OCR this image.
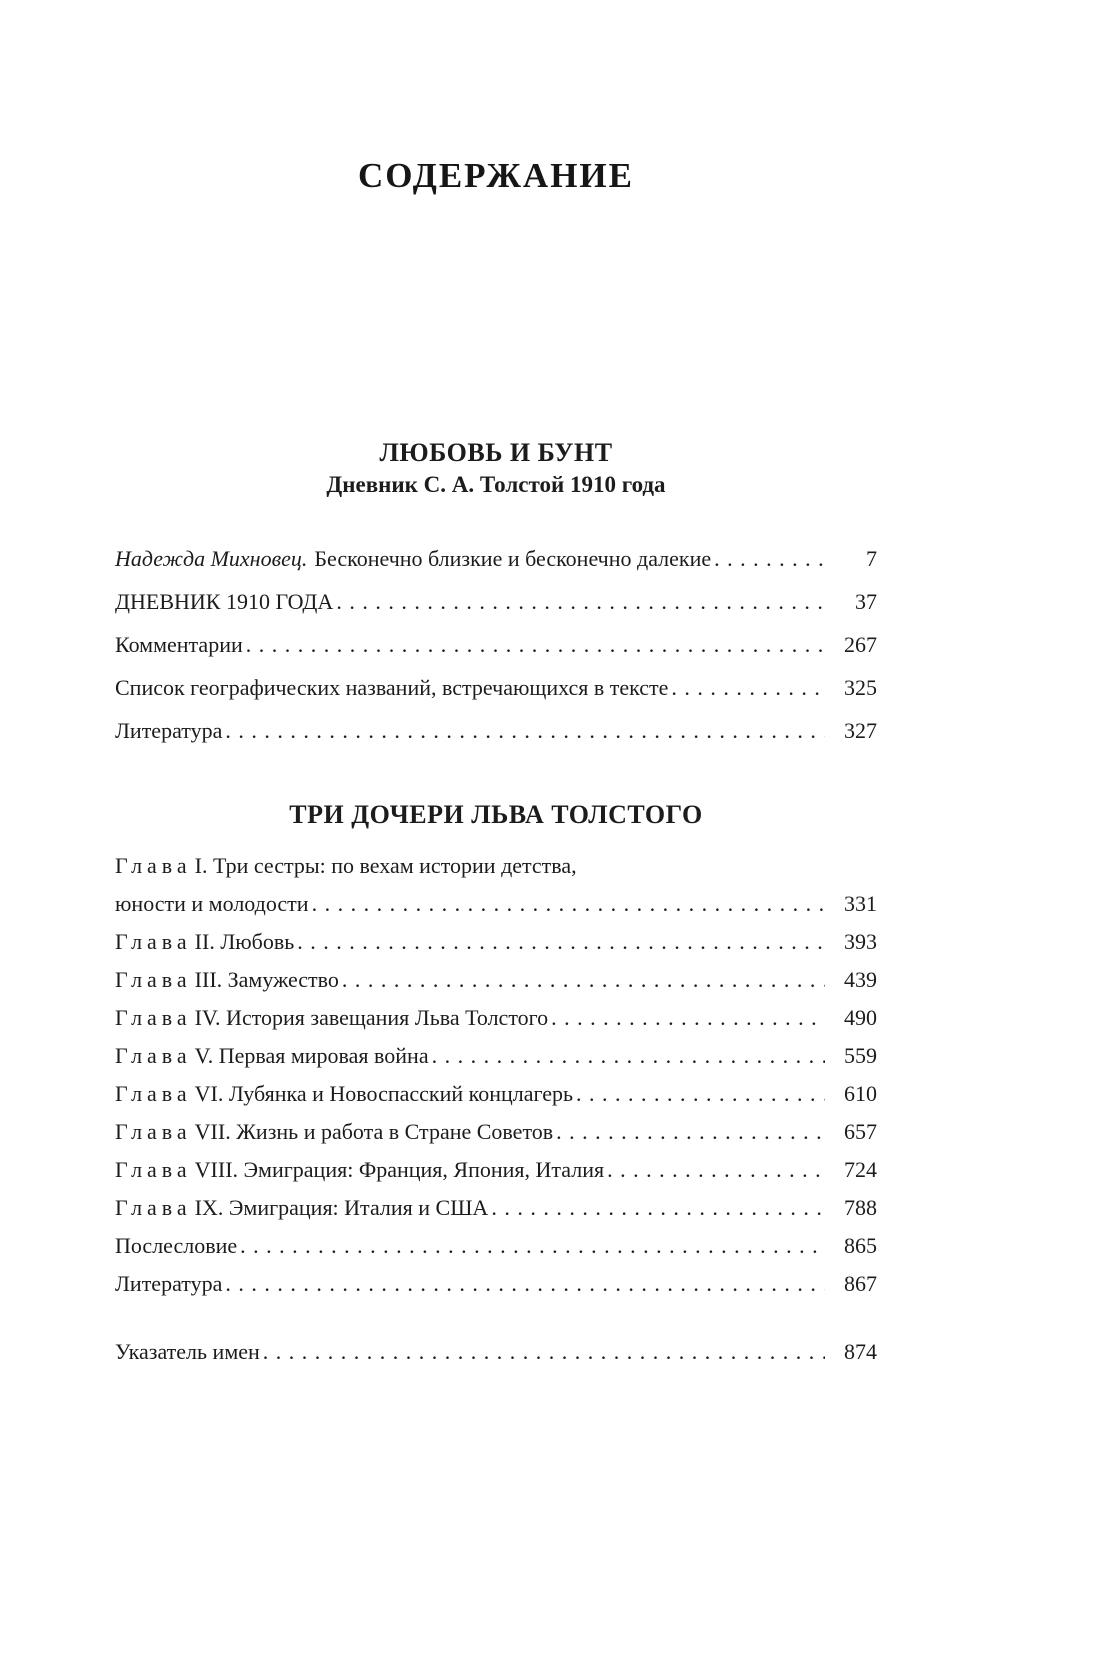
СОДЕРЖАНИЕ
ЛЮБОВЬ И БУНТ
Дневник С. А. Толстой 1910 года
Надежда Михновец. Бесконечно близкие и бесконечно далекие . . .	7
ДНЕВНИК 1910 ГОДА . . .	37
Комментарии . . .	267
Список географических названий, встречающихся в тексте . . .	325
Литература . . .	327
ТРИ ДОЧЕРИ ЛЬВА ТОЛСТОГО
Глава I. Три сестры: по вехам истории детства,
юности и молодости . . .	331
Глава II. Любовь . . .	393
Глава III. Замужество . . .	439
Глава IV. История завещания Льва Толстого . . .	490
Глава V. Первая мировая война . . .	559
Глава VI. Лубянка и Новоспасский концлагерь . . .	610
Глава VII. Жизнь и работа в Стране Советов . . .	657
Глава VIII. Эмиграция: Франция, Япония, Италия . . .	724
Глава IX. Эмиграция: Италия и США . . .	788
Послесловие . . .	865
Литература . . .	867
Указатель имен . . .	874
